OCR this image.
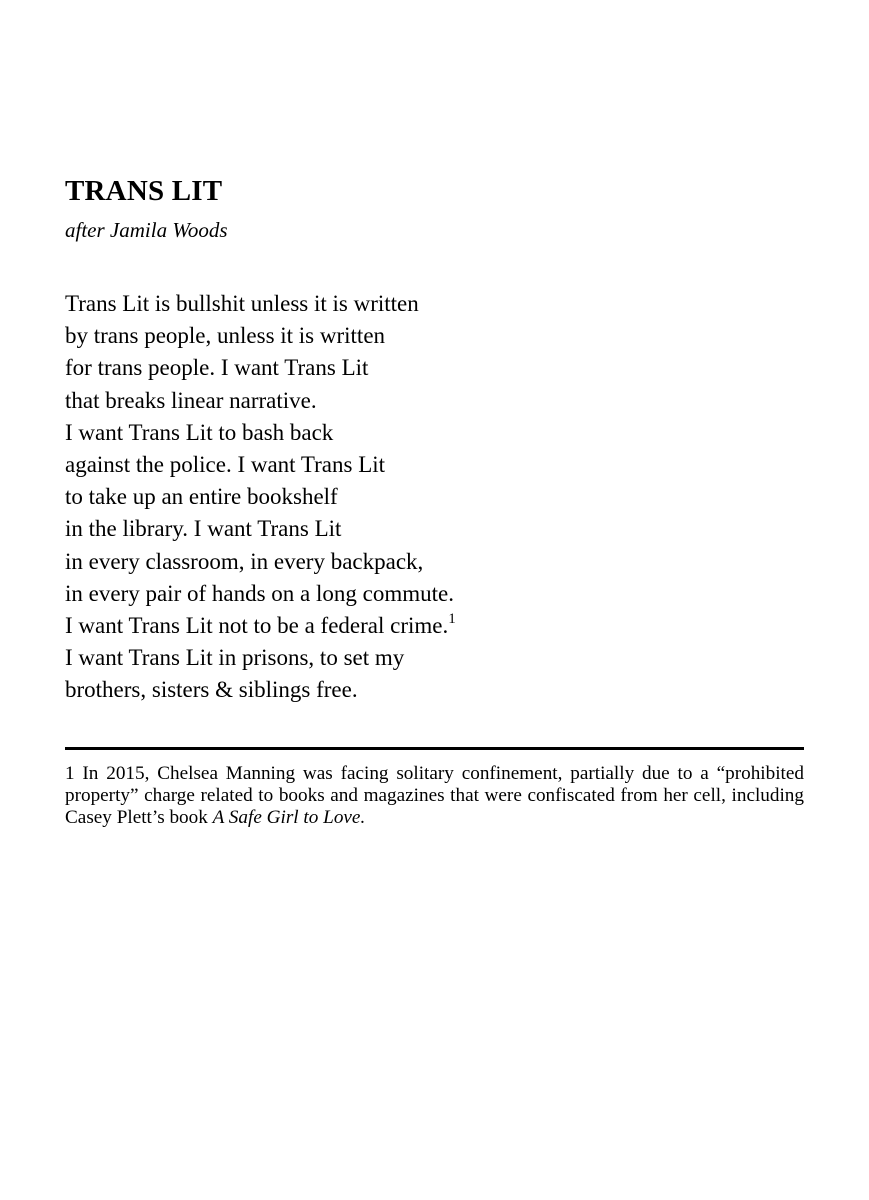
TRANS LIT

after Jamila Woods

Trans Lit is bullshit unless it is written
by trans people, unless it is written
for trans people. I want Trans Lit
that breaks linear narrative.
I want Trans Lit to bash back
against the police. I want Trans Lit
to take up an entire bookshelf
in the library. I want Trans Lit
in every classroom, in every backpack,
in every pair of hands on a long commute.
I want Trans Lit not to be a federal crime.$^1$
I want Trans Lit in prisons, to set my
brothers, sisters & siblings free.

1 In 2015, Chelsea Manning was facing solitary confinement, partially due to a “prohibited property” charge related to books and magazines that were confiscated from her cell, including Casey Plett’s book A Safe Girl to Love.
